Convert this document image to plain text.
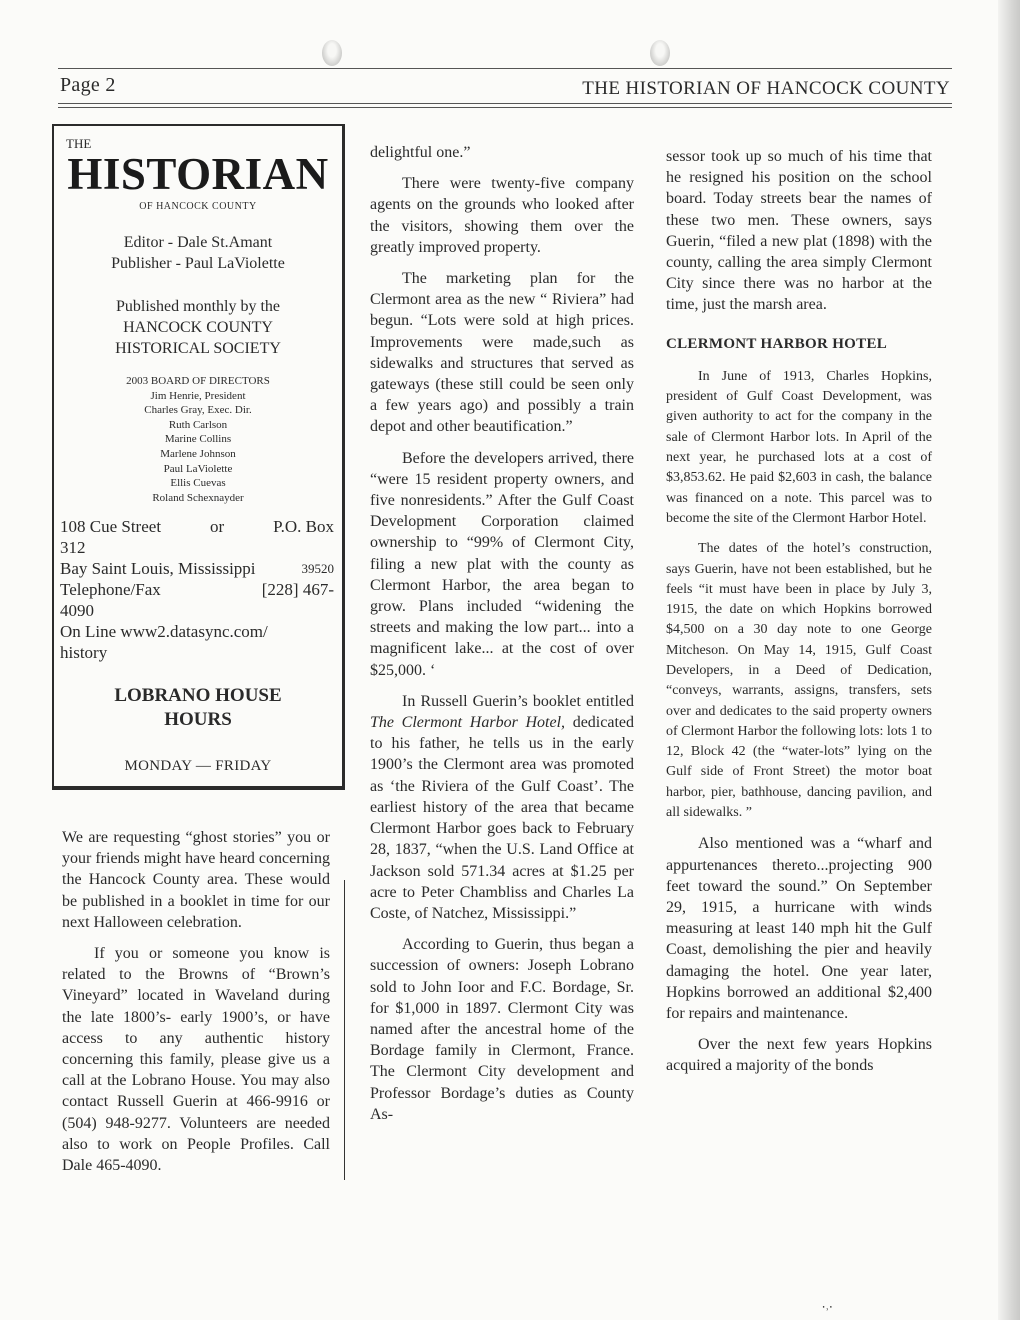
Page 2	THE HISTORIAN OF HANCOCK COUNTY
THE
HISTORIAN
OF HANCOCK COUNTY
Editor - Dale St.Amant
Publisher - Paul LaViolette
Published monthly by the
HANCOCK COUNTY
HISTORICAL SOCIETY
2003 BOARD OF DIRECTORS
Jim Henrie, President
Charles Gray, Exec. Dir.
Ruth Carlson
Marine Collins
Marlene Johnson
Paul LaViolette
Ellis Cuevas
Roland Schexnayder
108 Cue Street	or	P.O. Box
312
Bay Saint Louis, Mississippi	39520
Telephone/Fax	[228] 467-
4090
On Line www2.datasync.com/
history
LOBRANO HOUSE
HOURS
MONDAY — FRIDAY

We are requesting “ghost stories” you or your friends might have heard concerning the Hancock County area. These would be published in a booklet in time for our next Halloween celebration.

If you or someone you know is related to the Browns of “Brown’s Vineyard” located in Waveland during the late 1800’s- early 1900’s, or have access to any authentic history concerning this family, please give us a call at the Lobrano House. You may also contact Russell Guerin at 466-9916 or (504) 948-9277. Volunteers are needed also to work on People Profiles. Call Dale 465-4090.

delightful one.”

There were twenty-five company agents on the grounds who looked after the visitors, showing them over the greatly improved property.

The marketing plan for the Clermont area as the new “ Riviera” had begun. “Lots were sold at high prices. Improvements were made,such as sidewalks and structures that served as gateways (these still could be seen only a few years ago) and possibly a train depot and other beautification.”

Before the developers arrived, there “were 15 resident property owners, and five nonresidents.” After the Gulf Coast Development Corporation claimed ownership to “99% of Clermont City, filing a new plat with the county as Clermont Harbor, the area began to grow. Plans included “widening the streets and making the low part... into a magnificent lake... at the cost of over $25,000. ‘

In Russell Guerin’s booklet entitled The Clermont Harbor Hotel, dedicated to his father, he tells us in the early 1900’s the Clermont area was promoted as ‘the Riviera of the Gulf Coast’. The earliest history of the area that became Clermont Harbor goes back to February 28, 1837, “when the U.S. Land Office at Jackson sold 571.34 acres at $1.25 per acre to Peter Chambliss and Charles La Coste, of Natchez, Mississippi.”

According to Guerin, thus began a succession of owners: Joseph Lobrano sold to John Ioor and F.C. Bordage, Sr. for $1,000 in 1897. Clermont City was named after the ancestral home of the Bordage family in Clermont, France. The Clermont City development and Professor Bordage’s duties as County As-

sessor took up so much of his time that he resigned his position on the school board. Today streets bear the names of these two men. These owners, says Guerin, “filed a new plat (1898) with the county, calling the area simply Clermont City since there was no harbor at the time, just the marsh area.

CLERMONT HARBOR HOTEL

In June of 1913, Charles Hopkins, president of Gulf Coast Development, was given authority to act for the company in the sale of Clermont Harbor lots. In April of the next year, he purchased lots at a cost of $3,853.62. He paid $2,603 in cash, the balance was financed on a note. This parcel was to become the site of the Clermont Harbor Hotel.

The dates of the hotel’s construction, says Guerin, have not been established, but he feels “it must have been in place by July 3, 1915, the date on which Hopkins borrowed $4,500 on a 30 day note to one George Mitcheson. On May 14, 1915, Gulf Coast Developers, in a Deed of Dedication, “conveys, warrants, assigns, transfers, sets over and dedicates to the said property owners of Clermont Harbor the following lots: lots 1 to 12, Block 42 (the “water-lots” lying on the Gulf side of Front Street) the motor boat harbor, pier, bathhouse, dancing pavilion, and all sidewalks. ”

Also mentioned was a “wharf and appurtenances thereto...projecting 900 feet toward the sound.” On September 29, 1915, a hurricane with winds measuring at least 140 mph hit the Gulf Coast, demolishing the pier and heavily damaging the hotel. One year later, Hopkins borrowed an additional $2,400 for repairs and maintenance.

Over the next few years Hopkins acquired a majority of the bonds

⸱˒⸱
